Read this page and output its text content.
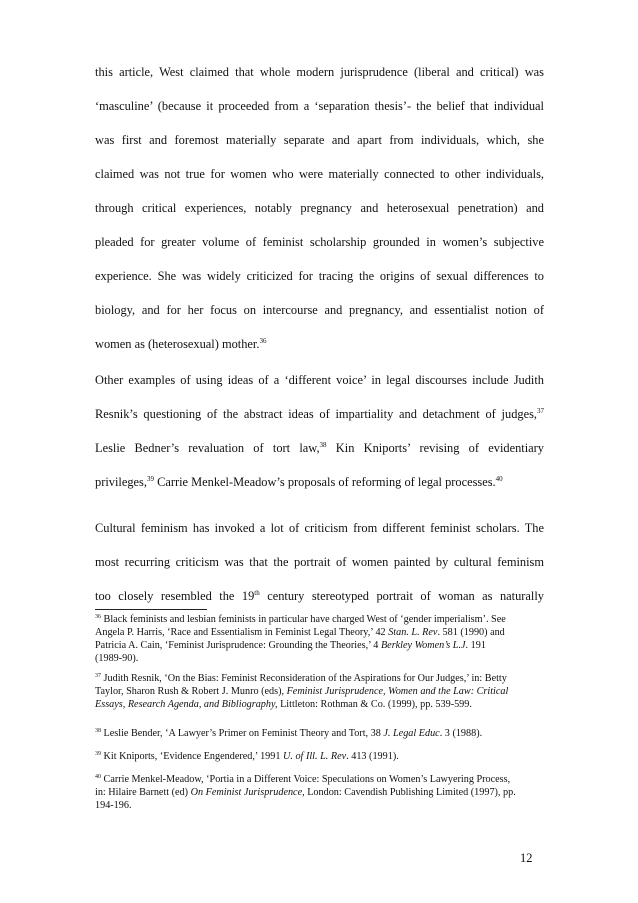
this article, West claimed that whole modern jurisprudence (liberal and critical) was
‘masculine’ (because it proceeded from a ‘separation thesis’- the belief that individual
was first and foremost materially separate and apart from individuals, which, she
claimed was not true for women who were materially connected to other individuals,
through critical experiences, notably pregnancy and heterosexual penetration) and
pleaded for greater volume of feminist scholarship grounded in women’s subjective
experience. She was widely criticized for tracing the origins of sexual differences to
biology, and for her focus on intercourse and pregnancy, and essentialist notion of
women as (heterosexual) mother.$^{36}$
Other examples of using ideas of a ‘different voice’ in legal discourses include Judith
Resnik’s questioning of the abstract ideas of impartiality and detachment of judges,$^{37}$
Leslie Bedner’s revaluation of tort law,$^{38}$ Kin Kniports’ revising of evidentiary
privileges,$^{39}$ Carrie Menkel-Meadow’s proposals of reforming of legal processes.$^{40}$
Cultural feminism has invoked a lot of criticism from different feminist scholars. The
most recurring criticism was that the portrait of women painted by cultural feminism
too closely resembled the 19th century stereotyped portrait of woman as naturally
$^{36}$ Black feminists and lesbian feminists in particular have charged West of ‘gender imperialism’. See
Angela P. Harris, ‘Race and Essentialism in Feminist Legal Theory,’ 42 Stan. L. Rev. 581 (1990) and
Patricia A. Cain, ‘Feminist Jurisprudence: Grounding the Theories,’ 4 Berkley Women’s L.J. 191
(1989-90).
$^{37}$ Judith Resnik, ‘On the Bias: Feminist Reconsideration of the Aspirations for Our Judges,’ in: Betty
Taylor, Sharon Rush & Robert J. Munro (eds), Feminist Jurisprudence, Women and the Law: Critical
Essays, Research Agenda, and Bibliography, Littleton: Rothman & Co. (1999), pp. 539-599.
$^{38}$ Leslie Bender, ‘A Lawyer’s Primer on Feminist Theory and Tort, 38 J. Legal Educ. 3 (1988).
$^{39}$ Kit Kniports, ‘Evidence Engendered,’ 1991 U. of Ill. L. Rev. 413 (1991).
$^{40}$ Carrie Menkel-Meadow, ‘Portia in a Different Voice: Speculations on Women’s Lawyering Process,
in: Hilaire Barnett (ed) On Feminist Jurisprudence, London: Cavendish Publishing Limited (1997), pp.
194-196.
12
